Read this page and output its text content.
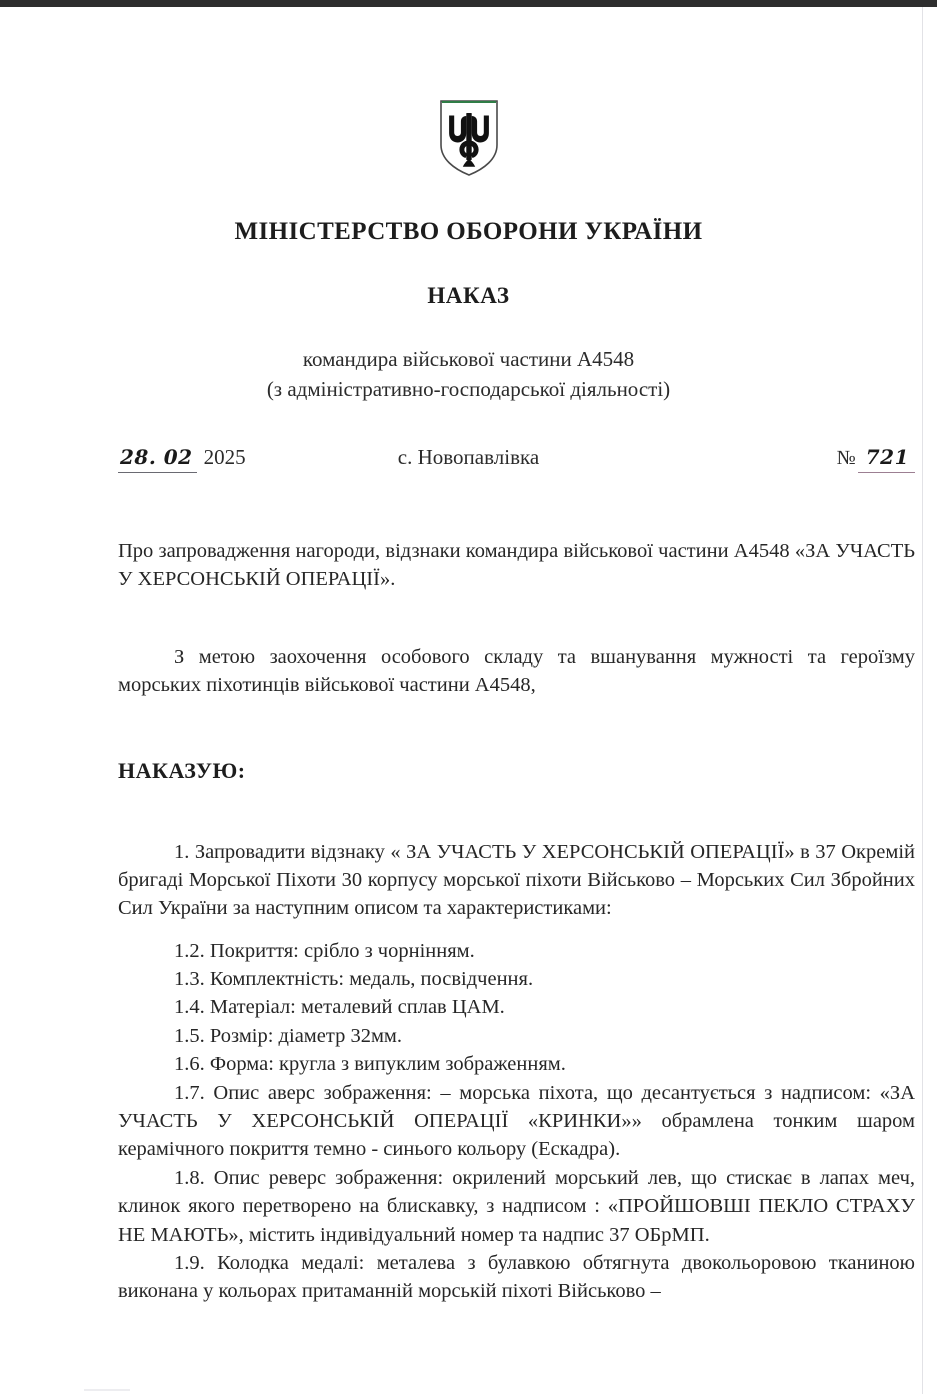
МІНІСТЕРСТВО ОБОРОНИ УКРАЇНИ
НАКАЗ
командира військової частини А4548
(з адміністративно-господарської діяльності)
28. 02 2025	с. Новопавлівка	№ 721
Про запровадження нагороди, відзнаки командира військової частини А4548 «ЗА УЧАСТЬ У ХЕРСОНСЬКІЙ ОПЕРАЦІЇ».
З метою заохочення особового складу та вшанування мужності та героїзму морських піхотинців військової частини А4548,
НАКАЗУЮ:
1. Запровадити відзнаку « ЗА УЧАСТЬ У ХЕРСОНСЬКІЙ ОПЕРАЦІЇ» в 37 Окремій бригаді Морської Піхоти 30 корпусу морської піхоти Військово – Морських Сил Збройних Сил України за наступним описом та характеристиками:
1.2. Покриття: срібло з чорнінням.
1.3. Комплектність: медаль, посвідчення.
1.4. Матеріал: металевий сплав ЦАМ.
1.5. Розмір: діаметр 32мм.
1.6. Форма: кругла з випуклим зображенням.
1.7. Опис аверс зображення: – морська піхота, що десантується з надписом: «ЗА УЧАСТЬ У ХЕРСОНСЬКІЙ ОПЕРАЦІЇ «КРИНКИ»» обрамлена тонким шаром керамічного покриття темно - синього кольору (Ескадра).
1.8. Опис реверс зображення: окрилений морський лев, що стискає в лапах меч, клинок якого перетворено на блискавку, з надписом : «ПРОЙШОВШІ ПЕКЛО СТРАХУ НЕ МАЮТЬ», містить індивідуальний номер та надпис 37 ОБрМП.
1.9. Колодка медалі: металева з булавкою обтягнута двокольоровою тканиною виконана у кольорах притаманній морській піхоті Військово –
